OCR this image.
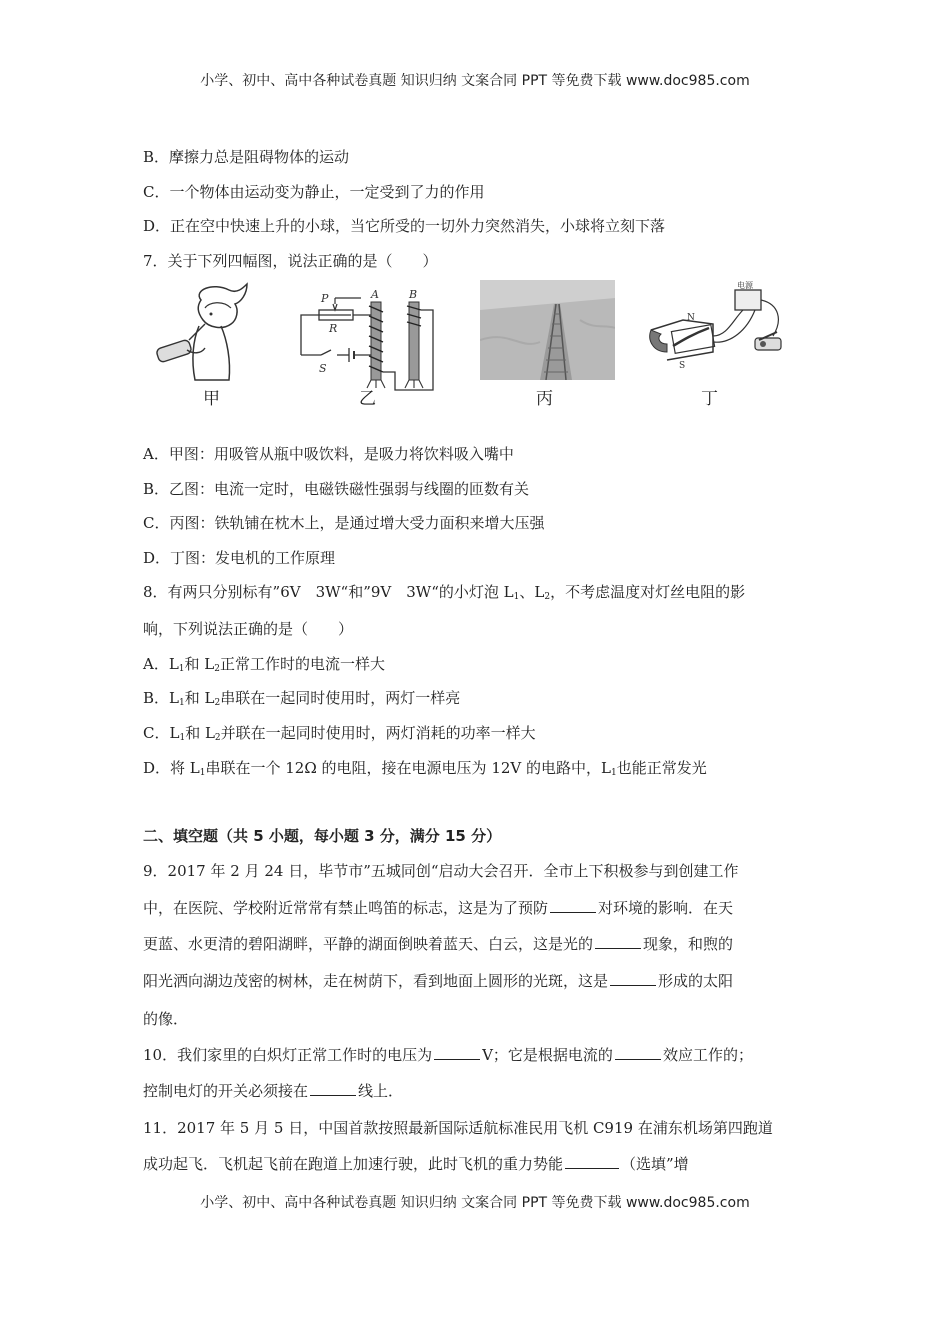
小学、初中、高中各种试卷真题 知识归纳 文案合同 PPT 等免费下载 www.doc985.com
B．摩擦力总是阻碍物体的运动
C．一个物体由运动变为静止，一定受到了力的作用
D．正在空中快速上升的小球，当它所受的一切外力突然消失，小球将立刻下落
7．关于下列四幅图，说法正确的是（　　）
甲
P
R
S
A	B
乙	丙
电源
N
S
丁
A．甲图：用吸管从瓶中吸饮料，是吸力将饮料吸入嘴中
B．乙图：电流一定时，电磁铁磁性强弱与线圈的匝数有关
C．丙图：铁轨铺在枕木上，是通过增大受力面积来增大压强
D．丁图：发电机的工作原理
8．有两只分别标有”6V　3W“和”9V　3W“的小灯泡 $L_1$、$L_2$，不考虑温度对灯丝电阻的影
响，下列说法正确的是（　　）
A．$L_1$和 $L_2$正常工作时的电流一样大
B．$L_1$和 $L_2$串联在一起同时使用时，两灯一样亮
C．$L_1$和 $L_2$并联在一起同时使用时，两灯消耗的功率一样大
D．将 $L_1$串联在一个 12Ω 的电阻，接在电源电压为 12V 的电路中，$L_1$也能正常发光
二、填空题（共 5 小题，每小题 3 分，满分 15 分）
9．2017 年 2 月 24 日，毕节市”五城同创“启动大会召开．全市上下积极参与到创建工作
中，在医院、学校附近常常有禁止鸣笛的标志，这是为了预防	对环境的影响．在天
更蓝、水更清的碧阳湖畔，平静的湖面倒映着蓝天、白云，这是光的	现象，和煦的
阳光洒向湖边茂密的树林，走在树荫下，看到地面上圆形的光斑，这是	形成的太阳
的像．
10．我们家里的白炽灯正常工作时的电压为	V；它是根据电流的	效应工作的；
控制电灯的开关必须接在	线上．
11．2017 年 5 月 5 日，中国首款按照最新国际适航标准民用飞机 C919 在浦东机场第四跑道
成功起飞．飞机起飞前在跑道上加速行驶，此时飞机的重力势能	（选填”增
小学、初中、高中各种试卷真题 知识归纳 文案合同 PPT 等免费下载 www.doc985.com
